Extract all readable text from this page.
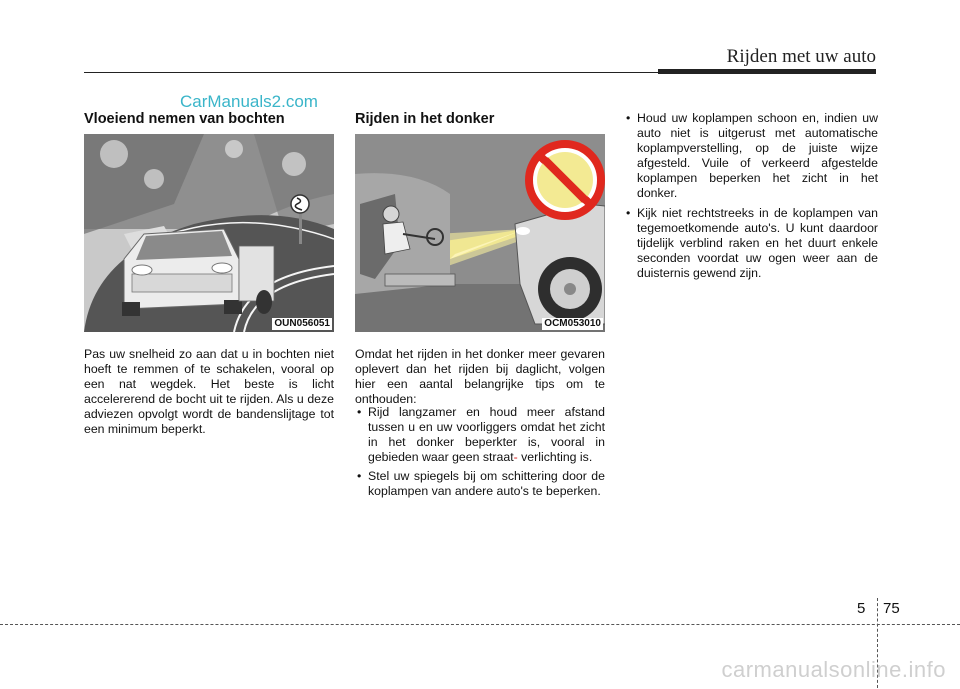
Rijden met uw auto
CarManuals2.com
Vloeiend nemen van bochten
OUN056051

Pas uw snelheid zo aan dat u in bochten niet hoeft te remmen of te schakelen, vooral op een nat wegdek. Het beste is licht accelererend de bocht uit te rijden. Als u deze adviezen opvolgt wordt de bandenslijtage tot een minimum beperkt.

Rijden in het donker
OCM053010

Omdat het rijden in het donker meer gevaren oplevert dan het rijden bij daglicht, volgen hier een aantal belangrijke tips om te onthouden:

• Rijd langzamer en houd meer afstand tussen u en uw voorliggers omdat het zicht in het donker beperkter is, vooral in gebieden waar geen straat- verlichting is.
• Stel uw spiegels bij om schittering door de koplampen van andere auto's te beperken.
• Houd uw koplampen schoon en, indien uw auto niet is uitgerust met automatische koplampverstelling, op de juiste wijze afgesteld. Vuile of verkeerd afgestelde koplampen beperken het zicht in het donker.
• Kijk niet rechtstreeks in de koplampen van tegemoetkomende auto's. U kunt daardoor tijdelijk verblind raken en het duurt enkele seconden voordat uw ogen weer aan de duisternis gewend zijn.
5 75
carmanualsonline.info
